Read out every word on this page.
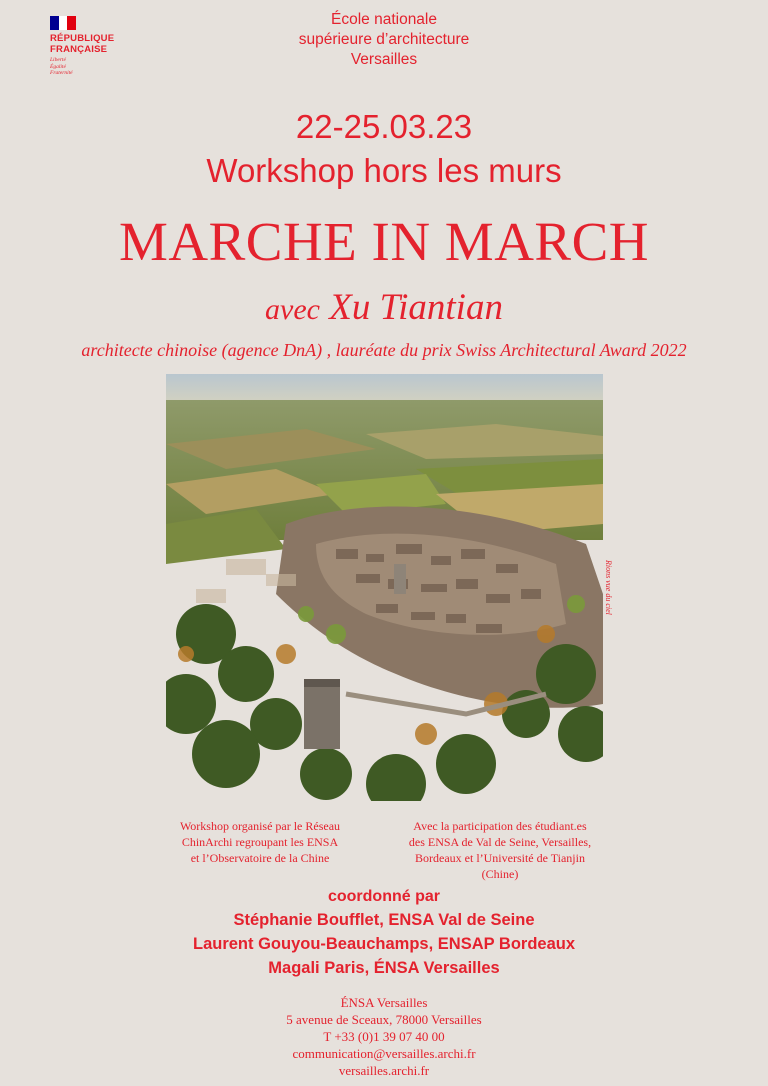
RÉPUBLIQUE
FRANÇAISE
Liberté
Égalité
Fraternité
École nationale
supérieure d’architecture
Versailles
22-25.03.23
Workshop hors les murs
MARCHE IN MARCH
avec Xu Tiantian
architecte chinoise (agence DnA) , lauréate du prix Swiss Architectural Award 2022
Rions vue du ciel
Workshop organisé par le Réseau
ChinArchi regroupant les ENSA
et l’Observatoire de la Chine
Avec la participation des étudiant.es
des ENSA de Val de Seine, Versailles,
Bordeaux et l’Université de Tianjin
(Chine)
coordonné par
Stéphanie Boufflet, ENSA Val de Seine
Laurent Gouyou-Beauchamps, ENSAP Bordeaux
Magali Paris, ÉNSA Versailles
ÉNSA Versailles
5 avenue de Sceaux, 78000 Versailles
T +33 (0)1 39 07 40 00
communication@versailles.archi.fr
versailles.archi.fr
